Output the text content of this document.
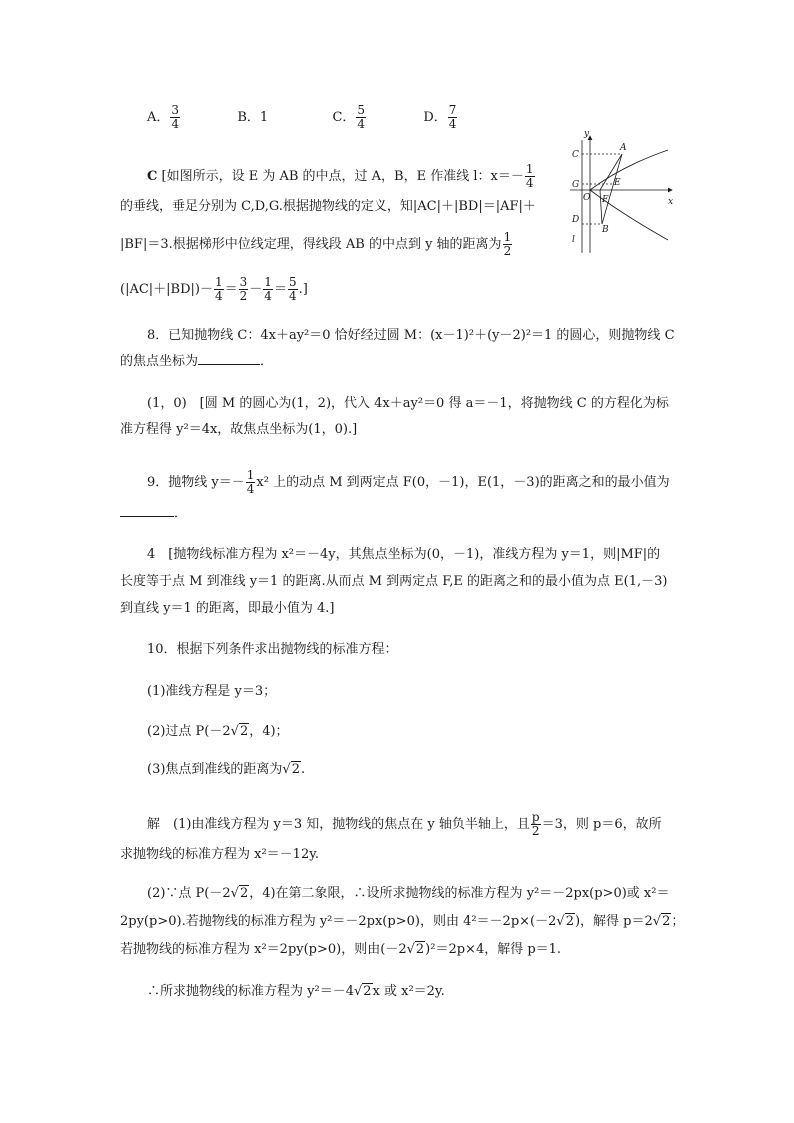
A． $\frac{3}{4}$	B．1	C． $\frac{5}{4}$	D． $\frac{7}{4}$
C [如图所示，设 E 为 AB 的中点，过 A，B，E 作准线 l：$x=- \frac{1}{4}$
的垂线，垂足分别为 C,D,G.根据抛物线的定义，知|AC|＋|BD|＝|AF|＋
|BF|＝3.根据梯形中位线定理，得线段 AB 的中点到 y 轴的距离为 $\frac{1}{2}$
$(|AC|+|BD|)- \frac{1}{4} = \frac{3}{2} - \frac{1}{4} = \frac{5}{4}$ .]
y
x
C
A
G	E
O F
D
B
l
8．已知抛物线 C：4x＋ay²＝0 恰好经过圆 M：(x－1)²＋(y－2)²＝1 的圆心，则抛物线 C
的焦点坐标为	．
(1，0)　[圆 M 的圆心为(1，2)，代入 4x＋ay²＝0 得 a＝－1，将抛物线 C 的方程化为标
准方程得 y²＝4x，故焦点坐标为(1，0).]
9．抛物线 $y=- \frac{1}{4} x^2$ 上的动点 M 到两定点 F(0，－1)，E(1，－3)的距离之和的最小值为
．
4　[抛物线标准方程为 x²＝－4y，其焦点坐标为(0，－1)，准线方程为 y＝1，则|MF|的
长度等于点 M 到准线 y＝1 的距离.从而点 M 到两定点 F,E 的距离之和的最小值为点 E(1,－3)
到直线 y＝1 的距离，即最小值为 4.]
10．根据下列条件求出抛物线的标准方程：
(1)准线方程是 y＝3；
(2)过点 P(－2√2，4)；
(3)焦点到准线的距离为√2.
解　(1)由准线方程为 y＝3 知，抛物线的焦点在 y 轴负半轴上，且 $\frac{p}{2} =3$，则 p＝6，故所
求抛物线的标准方程为 x²＝－12y.
(2)∵点 P(－2√2，4)在第二象限，∴设所求抛物线的标准方程为 y²＝－2px(p>0)或 x²＝
2py(p>0).若抛物线的标准方程为 y²＝－2px(p>0)，则由 4²＝－2p×(－2√2)，解得 p＝2√2；
若抛物线的标准方程为 x²＝2py(p>0)，则由(－2√2)²＝2p×4，解得 p＝1.
∴所求抛物线的标准方程为 y²＝－4√2x 或 x²＝2y.
